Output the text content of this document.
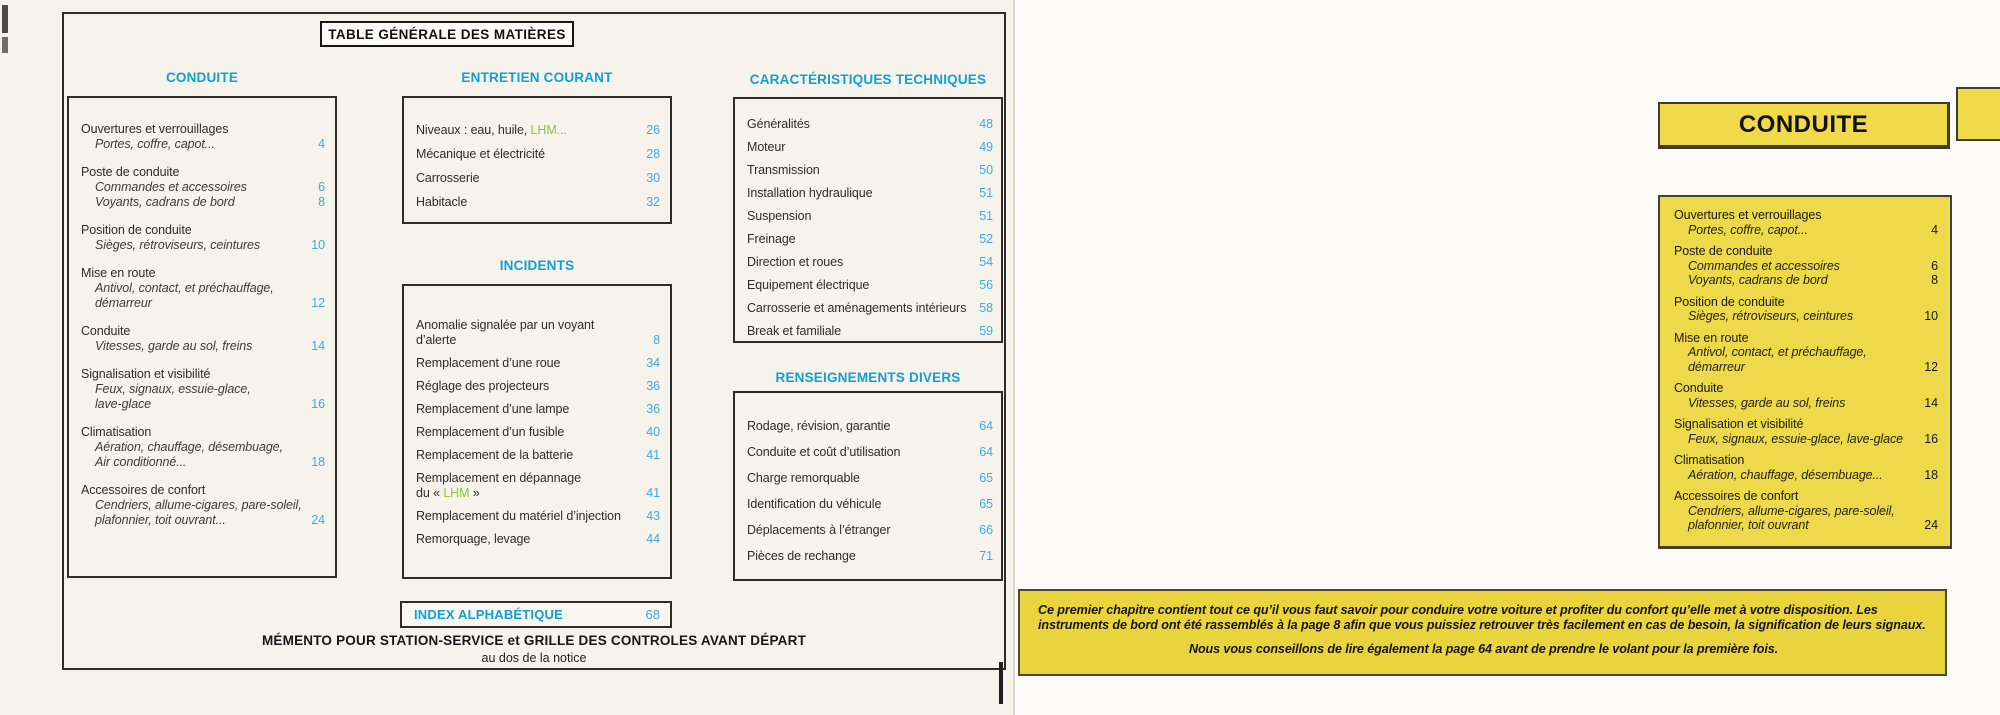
TABLE GÉNÉRALE DES MATIÈRES
CONDUITE	ENTRETIEN COURANT
INCIDENTS
CARACTÉRISTIQUES TECHNIQUES
RENSEIGNEMENTS DIVERS
Ouvertures et verrouillages
Portes, coffre, capot...	4
Poste de conduite
Commandes et accessoires	6
Voyants, cadrans de bord	8
Position de conduite
Sièges, rétroviseurs, ceintures	10
Mise en route
Antivol, contact, et préchauffage,
démarreur	12
Conduite
Vitesses, garde au sol, freins	14
Signalisation et visibilité
Feux, signaux, essuie-glace,
lave-glace	16
Climatisation
Aération, chauffage, désembuage,
Air conditionné...	18
Accessoires de confort
Cendriers, allume-cigares, pare-soleil,
plafonnier, toit ouvrant...	24
Niveaux : eau, huile, LHM...	26
Mécanique et électricité	28
Carrosserie	30
Habitacle	32
Anomalie signalée par un voyant
d’alerte	8
Remplacement d’une roue	34
Réglage des projecteurs	36
Remplacement d’une lampe	36
Remplacement d’un fusible	40
Remplacement de la batterie	41
Remplacement en dépannage
du « LHM »	41
Remplacement du matériel d’injection 43
Remorquage, levage	44
Généralités	48
Moteur	49
Transmission	50
Installation hydraulique	51
Suspension	51
Freinage	52
Direction et roues	54
Equipement électrique	56
Carrosserie et aménagements intérieurs 58
Break et familiale	59
Rodage, révision, garantie	64
Conduite et coût d’utilisation	64
Charge remorquable	65
Identification du véhicule	65
Déplacements à l’étranger	66
Pièces de rechange	71
INDEX ALPHABÉTIQUE	68
MÉMENTO POUR STATION-SERVICE et GRILLE DES CONTROLES AVANT DÉPART
au dos de la notice
CONDUITE
Ouvertures et verrouillages
Portes, coffre, capot...	4
Poste de conduite
Commandes et accessoires	6
Voyants, cadrans de bord	8
Position de conduite
Sièges, rétroviseurs, ceintures	10
Mise en route
Antivol, contact, et préchauffage,
démarreur	12
Conduite
Vitesses, garde au sol, freins	14
Signalisation et visibilité
Feux, signaux, essuie-glace, lave-glace 16
Climatisation
Aération, chauffage, désembuage...	18
Accessoires de confort
Cendriers, allume-cigares, pare-soleil,
plafonnier, toit ouvrant	24
Ce premier chapitre contient tout ce qu’il vous faut savoir pour conduire votre voiture et profiter du confort qu’elle met à votre disposition. Les instruments de bord ont été rassemblés à la page 8 afin que vous puissiez retrouver très facilement en cas de besoin, la signification de leurs signaux.
Nous vous conseillons de lire également la page 64 avant de prendre le volant pour la première fois.
